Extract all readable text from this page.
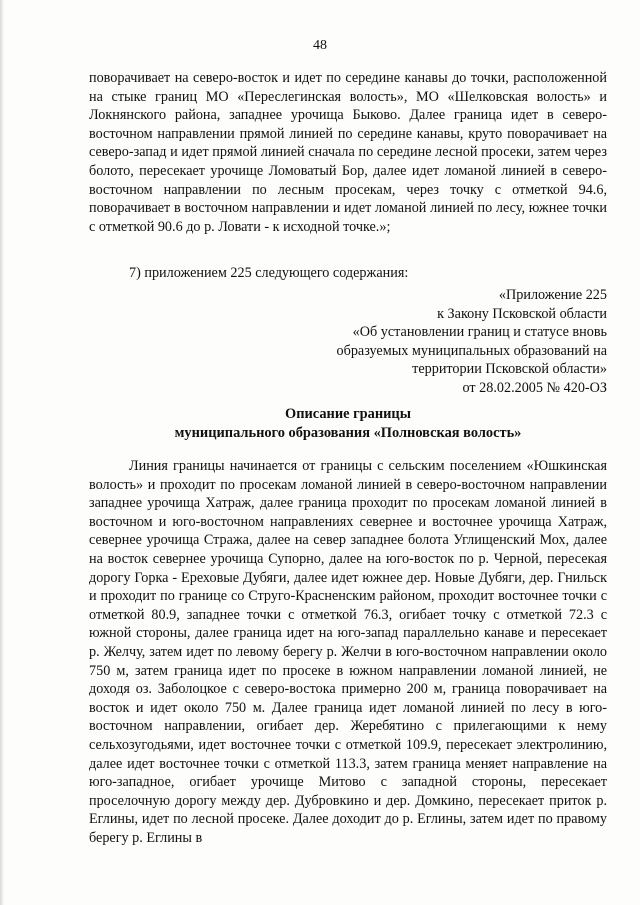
48
поворачивает на северо-восток и идет по середине канавы до точки, расположенной на стыке границ МО «Переслегинская волость», МО «Шелковская волость» и Локнянского района, западнее урочища Быково. Далее граница идет в северо-восточном направлении прямой линией по середине канавы, круто поворачивает на северо-запад и идет прямой линией сначала по середине лесной просеки, затем через болото, пересекает урочище Ломоватый Бор, далее идет ломаной линией в северо-восточном направлении по лесным просекам, через точку с отметкой 94.6, поворачивает в восточном направлении и идет ломаной линией по лесу, южнее точки с отметкой 90.6 до р. Ловати - к исходной точке.»;
7) приложением 225 следующего содержания:
«Приложение 225
к Закону Псковской области
«Об установлении границ и статусе вновь
образуемых муниципальных образований на
территории Псковской области»
от 28.02.2005 № 420-ОЗ
Описание границы
муниципального образования «Полновская волость»
Линия границы начинается от границы с сельским поселением «Юшкинская волость» и проходит по просекам ломаной линией в северо-восточном направлении западнее урочища Хатраж, далее граница проходит по просекам ломаной линией в восточном и юго-восточном направлениях севернее и восточнее урочища Хатраж, севернее урочища Стража, далее на север западнее болота Углищенский Мох, далее на восток севернее урочища Супорно, далее на юго-восток по р. Черной, пересекая дорогу Горка - Ереховые Дубяги, далее идет южнее дер. Новые Дубяги, дер. Гнильск и проходит по границе со Струго-Красненским районом, проходит восточнее точки с отметкой 80.9, западнее точки с отметкой 76.3, огибает точку с отметкой 72.3 с южной стороны, далее граница идет на юго-запад параллельно канаве и пересекает р. Желчу, затем идет по левому берегу р. Желчи в юго-восточном направлении около 750 м, затем граница идет по просеке в южном направлении ломаной линией, не доходя оз. Заболоцкое с северо-востока примерно 200 м, граница поворачивает на восток и идет около 750 м. Далее граница идет ломаной линией по лесу в юго-восточном направлении, огибает дер. Жеребятино с прилегающими к нему сельхозугодьями, идет восточнее точки с отметкой 109.9, пересекает электролинию, далее идет восточнее точки с отметкой 113.3, затем граница меняет направление на юго-западное, огибает урочище Митово с западной стороны, пересекает проселочную дорогу между дер. Дубровкино и дер. Домкино, пересекает приток р. Еглины, идет по лесной просеке. Далее доходит до р. Еглины, затем идет по правому берегу р. Еглины в
